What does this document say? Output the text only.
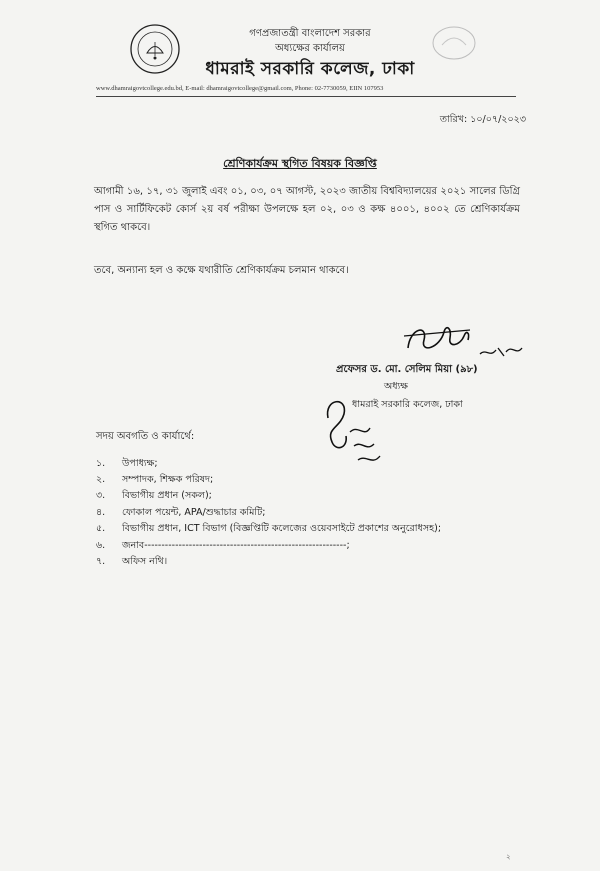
গণপ্রজাতন্ত্রী বাংলাদেশ সরকার
অধ্যক্ষের কার্যালয়
ধামরাই সরকারি কলেজ, ঢাকা
www.dhamraigovtcollege.edu.bd, E-mail: dhamraigovtcollege@gmail.com, Phone: 02-7730059, EIIN 107953
তারিখ: ১০/০৭/২০২৩
শ্রেণিকার্যক্রম স্থগিত বিষয়ক বিজ্ঞপ্তি
আগামী ১৬, ১৭, ৩১ জুলাই এবং ০১, ০৩, ০৭ আগস্ট, ২০২৩ জাতীয় বিশ্ববিদ্যালয়ের ২০২১ সালের ডিগ্রি পাস ও সার্টিফিকেট কোর্স ২য় বর্ষ পরীক্ষা উপলক্ষে হল ০২, ০৩ ও কক্ষ ৪০০১, ৪০০২ তে শ্রেণিকার্যক্রম স্থগিত থাকবে।
তবে, অন্যান্য হল ও কক্ষে যথারীতি শ্রেণিকার্যক্রম চলমান থাকবে।
প্রফেসর ড. মো. সেলিম মিয়া (৯৮)
অধ্যক্ষ
ধামরাই সরকারি কলেজ, ঢাকা
সদয় অবগতি ও কার্যার্থে:
১.	উপাধ্যক্ষ;
২.	সম্পাদক, শিক্ষক পরিষদ;
৩.	বিভাগীয় প্রধান (সকল);
৪.	ফোকাল পয়েন্ট, APA/শুদ্ধাচার কমিটি;
৫.	বিভাগীয় প্রধান, ICT বিভাগ (বিজ্ঞপ্তিটি কলেজের ওয়েবসাইটে প্রকাশের অনুরোধসহ);
৬.	জনাব-----------------------------------------------------------;
৭.	অফিস নথি।
২
